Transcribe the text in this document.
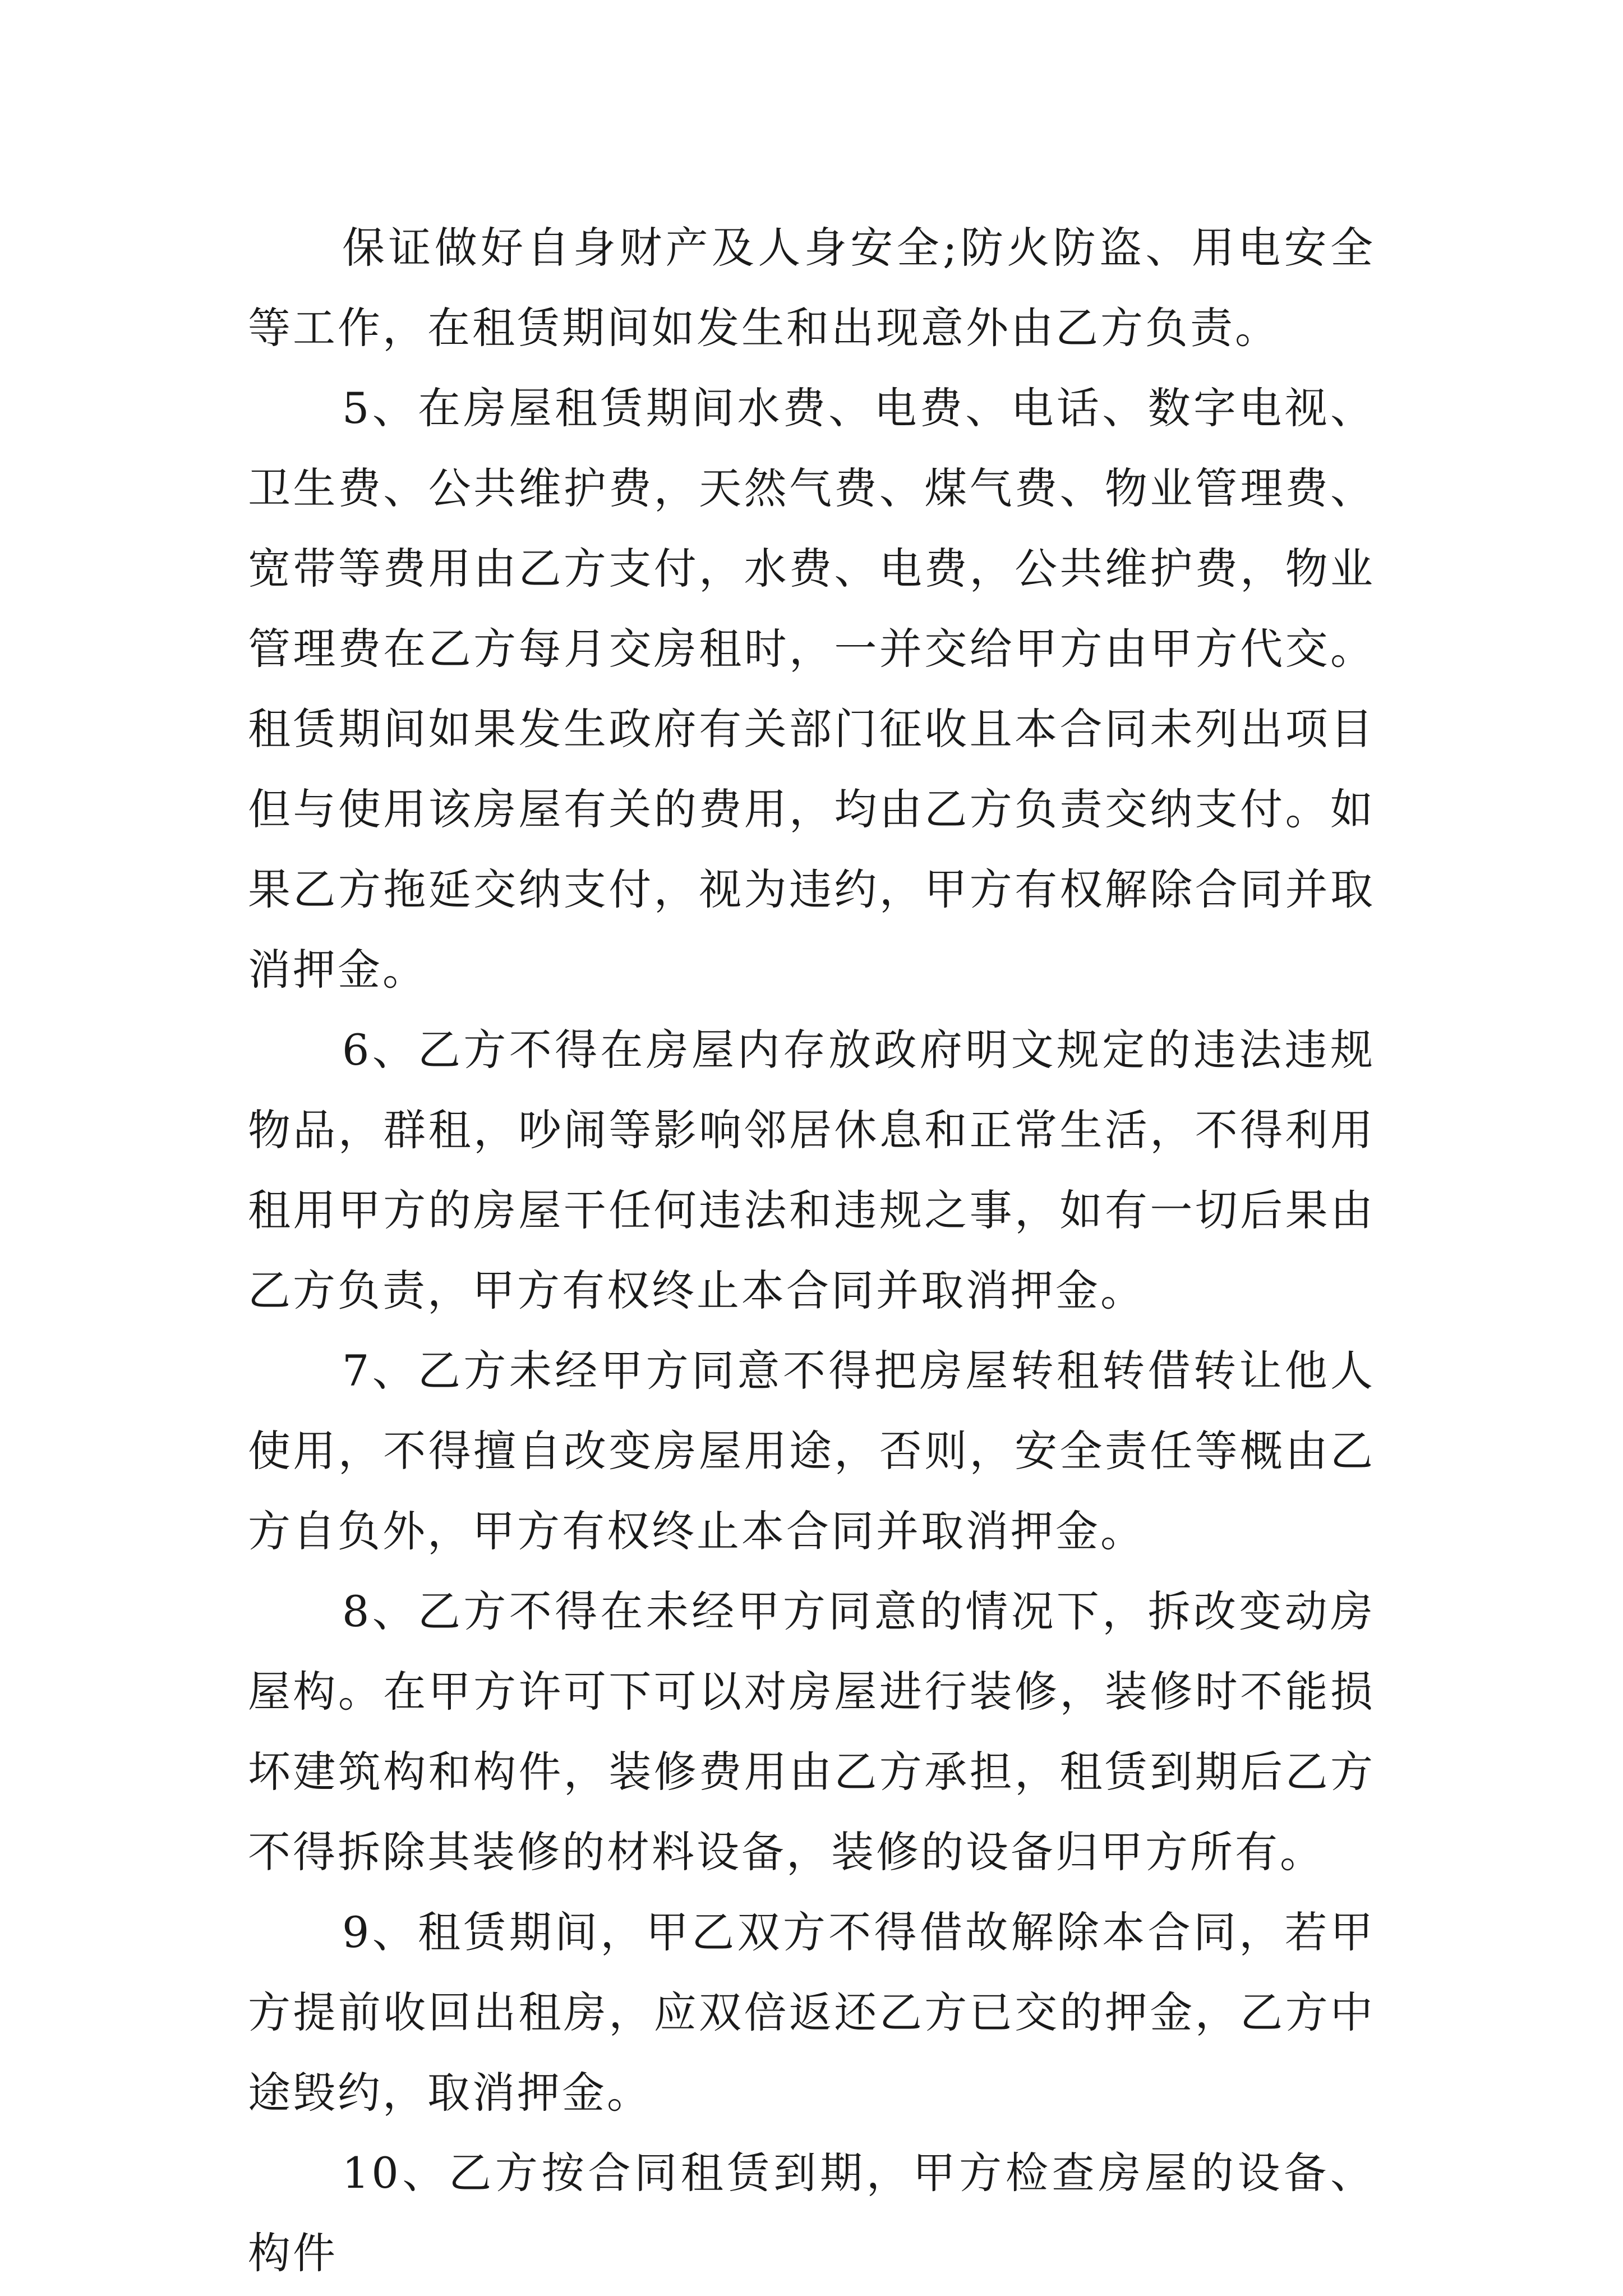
保证做好自身财产及人身安全;防火防盗、用电安全等工作，在租赁期间如发生和出现意外由乙方负责。

5、在房屋租赁期间水费、电费、电话、数字电视、卫生费、公共维护费，天然气费、煤气费、物业管理费、宽带等费用由乙方支付，水费、电费，公共维护费，物业管理费在乙方每月交房租时，一并交给甲方由甲方代交。租赁期间如果发生政府有关部门征收且本合同未列出项目但与使用该房屋有关的费用，均由乙方负责交纳支付。如果乙方拖延交纳支付，视为违约，甲方有权解除合同并取消押金。

6、乙方不得在房屋内存放政府明文规定的违法违规物品，群租，吵闹等影响邻居休息和正常生活，不得利用租用甲方的房屋干任何违法和违规之事，如有一切后果由乙方负责，甲方有权终止本合同并取消押金。

7、乙方未经甲方同意不得把房屋转租转借转让他人使用，不得擅自改变房屋用途，否则，安全责任等概由乙方自负外，甲方有权终止本合同并取消押金。

8、乙方不得在未经甲方同意的情况下，拆改变动房屋构。在甲方许可下可以对房屋进行装修，装修时不能损坏建筑构和构件，装修费用由乙方承担，租赁到期后乙方不得拆除其装修的材料设备，装修的设备归甲方所有。

9、租赁期间，甲乙双方不得借故解除本合同，若甲方提前收回出租房，应双倍返还乙方已交的押金，乙方中途毁约，取消押金。

10、乙方按合同租赁到期，甲方检查房屋的设备、构件
